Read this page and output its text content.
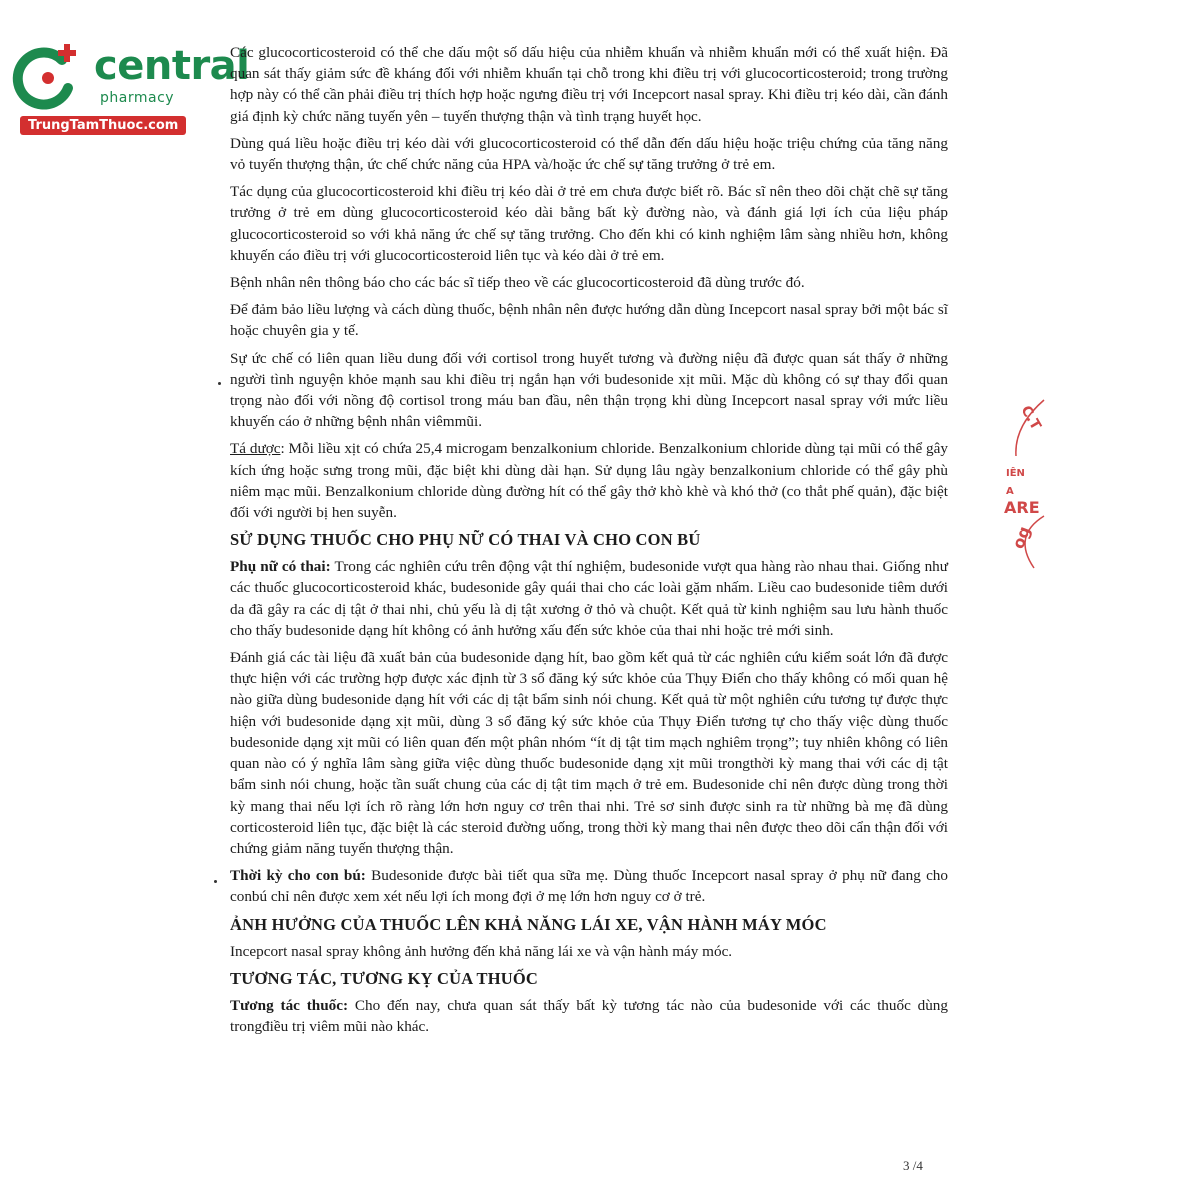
central
pharmacy
TrungTamThuoc.com

Các glucocorticosteroid có thể che dấu một số dấu hiệu của nhiễm khuẩn và nhiễm khuẩn mới có thể xuất hiện. Đã quan sát thấy giảm sức đề kháng đối với nhiễm khuẩn tại chỗ trong khi điều trị với glucocorticosteroid; trong trường hợp này có thể cần phải điều trị thích hợp hoặc ngưng điều trị với Incepcort nasal spray. Khi điều trị kéo dài, cần đánh giá định kỳ chức năng tuyến yên – tuyến thượng thận và tình trạng huyết học.

Dùng quá liều hoặc điều trị kéo dài với glucocorticosteroid có thể dẫn đến dấu hiệu hoặc triệu chứng của tăng năng vỏ tuyến thượng thận, ức chế chức năng của HPA và/hoặc ức chế sự tăng trưởng ở trẻ em.

Tác dụng của glucocorticosteroid khi điều trị kéo dài ở trẻ em chưa được biết rõ. Bác sĩ nên theo dõi chặt chẽ sự tăng trưởng ở trẻ em dùng glucocorticosteroid kéo dài bằng bất kỳ đường nào, và đánh giá lợi ích của liệu pháp glucocorticosteroid so với khả năng ức chế sự tăng trưởng. Cho đến khi có kinh nghiệm lâm sàng nhiều hơn, không khuyến cáo điều trị với glucocorticosteroid liên tục và kéo dài ở trẻ em.

Bệnh nhân nên thông báo cho các bác sĩ tiếp theo về các glucocorticosteroid đã dùng trước đó.

Để đảm bảo liều lượng và cách dùng thuốc, bệnh nhân nên được hướng dẫn dùng Incepcort nasal spray bởi một bác sĩ hoặc chuyên gia y tế.

Sự ức chế có liên quan liều dung đối với cortisol trong huyết tương và đường niệu đã được quan sát thấy ở những người tình nguyện khỏe mạnh sau khi điều trị ngắn hạn với budesonide xịt mũi. Mặc dù không có sự thay đổi quan trọng nào đối với nồng độ cortisol trong máu ban đầu, nên thận trọng khi dùng Incepcort nasal spray với mức liều khuyến cáo ở những bệnh nhân viêmmũi.

Tá dược: Mỗi liều xịt có chứa 25,4 microgam benzalkonium chloride. Benzalkonium chloride dùng tại mũi có thể gây kích ứng hoặc sưng trong mũi, đặc biệt khi dùng dài hạn. Sử dụng lâu ngày benzalkonium chloride có thể gây phù niêm mạc mũi. Benzalkonium chloride dùng đường hít có thể gây thở khò khè và khó thở (co thắt phế quản), đặc biệt đối với người bị hen suyễn.

SỬ DỤNG THUỐC CHO PHỤ NỮ CÓ THAI VÀ CHO CON BÚ

Phụ nữ có thai: Trong các nghiên cứu trên động vật thí nghiệm, budesonide vượt qua hàng rào nhau thai. Giống như các thuốc glucocorticosteroid khác, budesonide gây quái thai cho các loài gặm nhấm. Liều cao budesonide tiêm dưới da đã gây ra các dị tật ở thai nhi, chủ yếu là dị tật xương ở thỏ và chuột. Kết quả từ kinh nghiệm sau lưu hành thuốc cho thấy budesonide dạng hít không có ảnh hưởng xấu đến sức khỏe của thai nhi hoặc trẻ mới sinh.

Đánh giá các tài liệu đã xuất bản của budesonide dạng hít, bao gồm kết quả từ các nghiên cứu kiểm soát lớn đã được thực hiện với các trường hợp được xác định từ 3 sổ đăng ký sức khỏe của Thụy Điển cho thấy không có mối quan hệ nào giữa dùng budesonide dạng hít với các dị tật bẩm sinh nói chung. Kết quả từ một nghiên cứu tương tự được thực hiện với budesonide dạng xịt mũi, dùng 3 sổ đăng ký sức khỏe của Thụy Điển tương tự cho thấy việc dùng thuốc budesonide dạng xịt mũi có liên quan đến một phân nhóm “ít dị tật tim mạch nghiêm trọng”; tuy nhiên không có liên quan nào có ý nghĩa lâm sàng giữa việc dùng thuốc budesonide dạng xịt mũi trongthời kỳ mang thai với các dị tật bẩm sinh nói chung, hoặc tần suất chung của các dị tật tim mạch ở trẻ em. Budesonide chỉ nên được dùng trong thời kỳ mang thai nếu lợi ích rõ ràng lớn hơn nguy cơ trên thai nhi. Trẻ sơ sinh được sinh ra từ những bà mẹ đã dùng corticosteroid liên tục, đặc biệt là các steroid đường uống, trong thời kỳ mang thai nên được theo dõi cẩn thận đối với chứng giảm năng tuyến thượng thận.

Thời kỳ cho con bú: Budesonide được bài tiết qua sữa mẹ. Dùng thuốc Incepcort nasal spray ở phụ nữ đang cho conbú chỉ nên được xem xét nếu lợi ích mong đợi ở mẹ lớn hơn nguy cơ ở trẻ.

ẢNH HƯỞNG CỦA THUỐC LÊN KHẢ NĂNG LÁI XE, VẬN HÀNH MÁY MÓC

Incepcort nasal spray không ảnh hưởng đến khả năng lái xe và vận hành máy móc.

TƯƠNG TÁC, TƯƠNG KỴ CỦA THUỐC

Tương tác thuốc: Cho đến nay, chưa quan sát thấy bất kỳ tương tác nào của budesonide với các thuốc dùng trongđiều trị viêm mũi nào khác.

C.T
IÊN
A
ARE
og
3 /4
